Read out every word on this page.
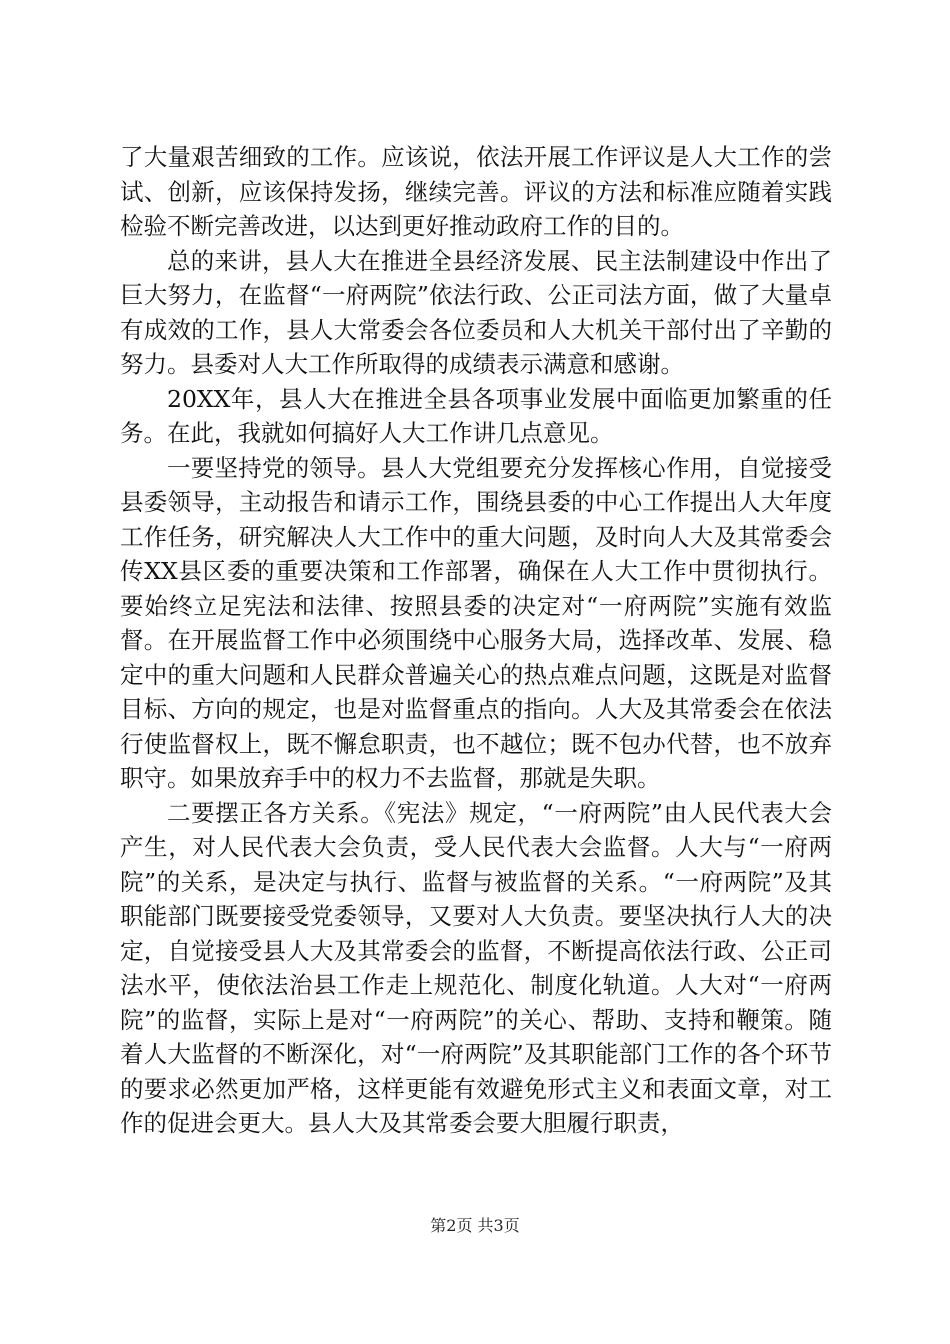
了大量艰苦细致的工作。应该说，依法开展工作评议是人大工作的尝试、创新，应该保持发扬，继续完善。评议的方法和标准应随着实践检验不断完善改进，以达到更好推动政府工作的目的。

总的来讲，县人大在推进全县经济发展、民主法制建设中作出了巨大努力，在监督“一府两院”依法行政、公正司法方面，做了大量卓有成效的工作，县人大常委会各位委员和人大机关干部付出了辛勤的努力。县委对人大工作所取得的成绩表示满意和感谢。

20XX年，县人大在推进全县各项事业发展中面临更加繁重的任务。在此，我就如何搞好人大工作讲几点意见。

一要坚持党的领导。县人大党组要充分发挥核心作用，自觉接受县委领导，主动报告和请示工作，围绕县委的中心工作提出人大年度工作任务，研究解决人大工作中的重大问题，及时向人大及其常委会传XX县区委的重要决策和工作部署，确保在人大工作中贯彻执行。要始终立足宪法和法律、按照县委的决定对“一府两院”实施有效监督。在开展监督工作中必须围绕中心服务大局，选择改革、发展、稳定中的重大问题和人民群众普遍关心的热点难点问题，这既是对监督目标、方向的规定，也是对监督重点的指向。人大及其常委会在依法行使监督权上，既不懈怠职责，也不越位；既不包办代替，也不放弃职守。如果放弃手中的权力不去监督，那就是失职。

二要摆正各方关系。《宪法》规定，“一府两院”由人民代表大会产生，对人民代表大会负责，受人民代表大会监督。人大与“一府两院”的关系，是决定与执行、监督与被监督的关系。“一府两院”及其职能部门既要接受党委领导，又要对人大负责。要坚决执行人大的决定，自觉接受县人大及其常委会的监督，不断提高依法行政、公正司法水平，使依法治县工作走上规范化、制度化轨道。人大对“一府两院”的监督，实际上是对“一府两院”的关心、帮助、支持和鞭策。随着人大监督的不断深化，对“一府两院”及其职能部门工作的各个环节的要求必然更加严格，这样更能有效避免形式主义和表面文章，对工作的促进会更大。县人大及其常委会要大胆履行职责，

第2页 共3页
